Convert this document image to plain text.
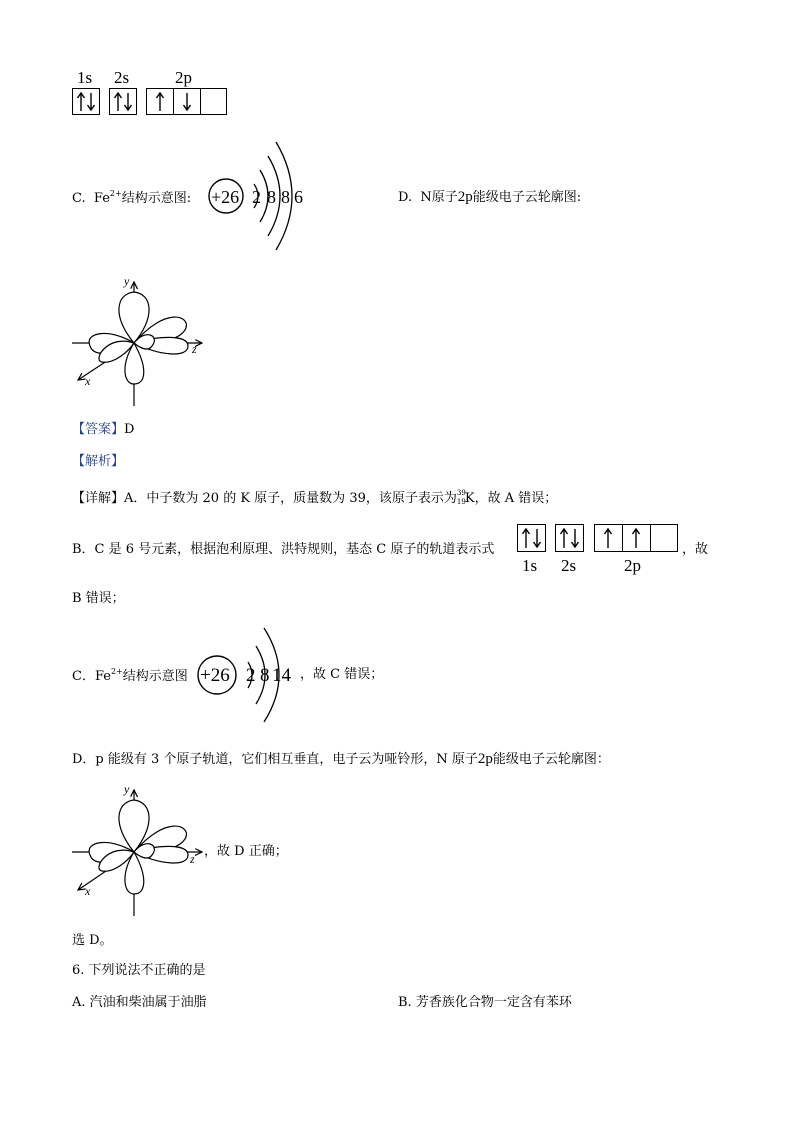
1s 2s	2p
C. $Fe^{2+}$结构示意图: +26 2 8 8 6	D. N原子2p能级电子云轮廓图:
y
z
x
【答案】D
【解析】
【详解】A．中子数为 20 的 K 原子，质量数为 39，该原子表示为 39
19 K，故 A 错误；
B．C 是 6 号元素，根据泡利原理、洪特规则，基态 C 原子的轨道表示式
1s 2s	2p
，故
B 错误；
C．$Fe^{2+}$结构示意图 +26 2 8 14 ，故 C 错误；
D．p 能级有 3 个原子轨道，它们相互垂直，电子云为哑铃形，N 原子2p能级电子云轮廓图：
y
z
x
，故 D 正确；
选 D。
6. 下列说法不正确的是
A. 汽油和柴油属于油脂	B. 芳香族化合物一定含有苯环
